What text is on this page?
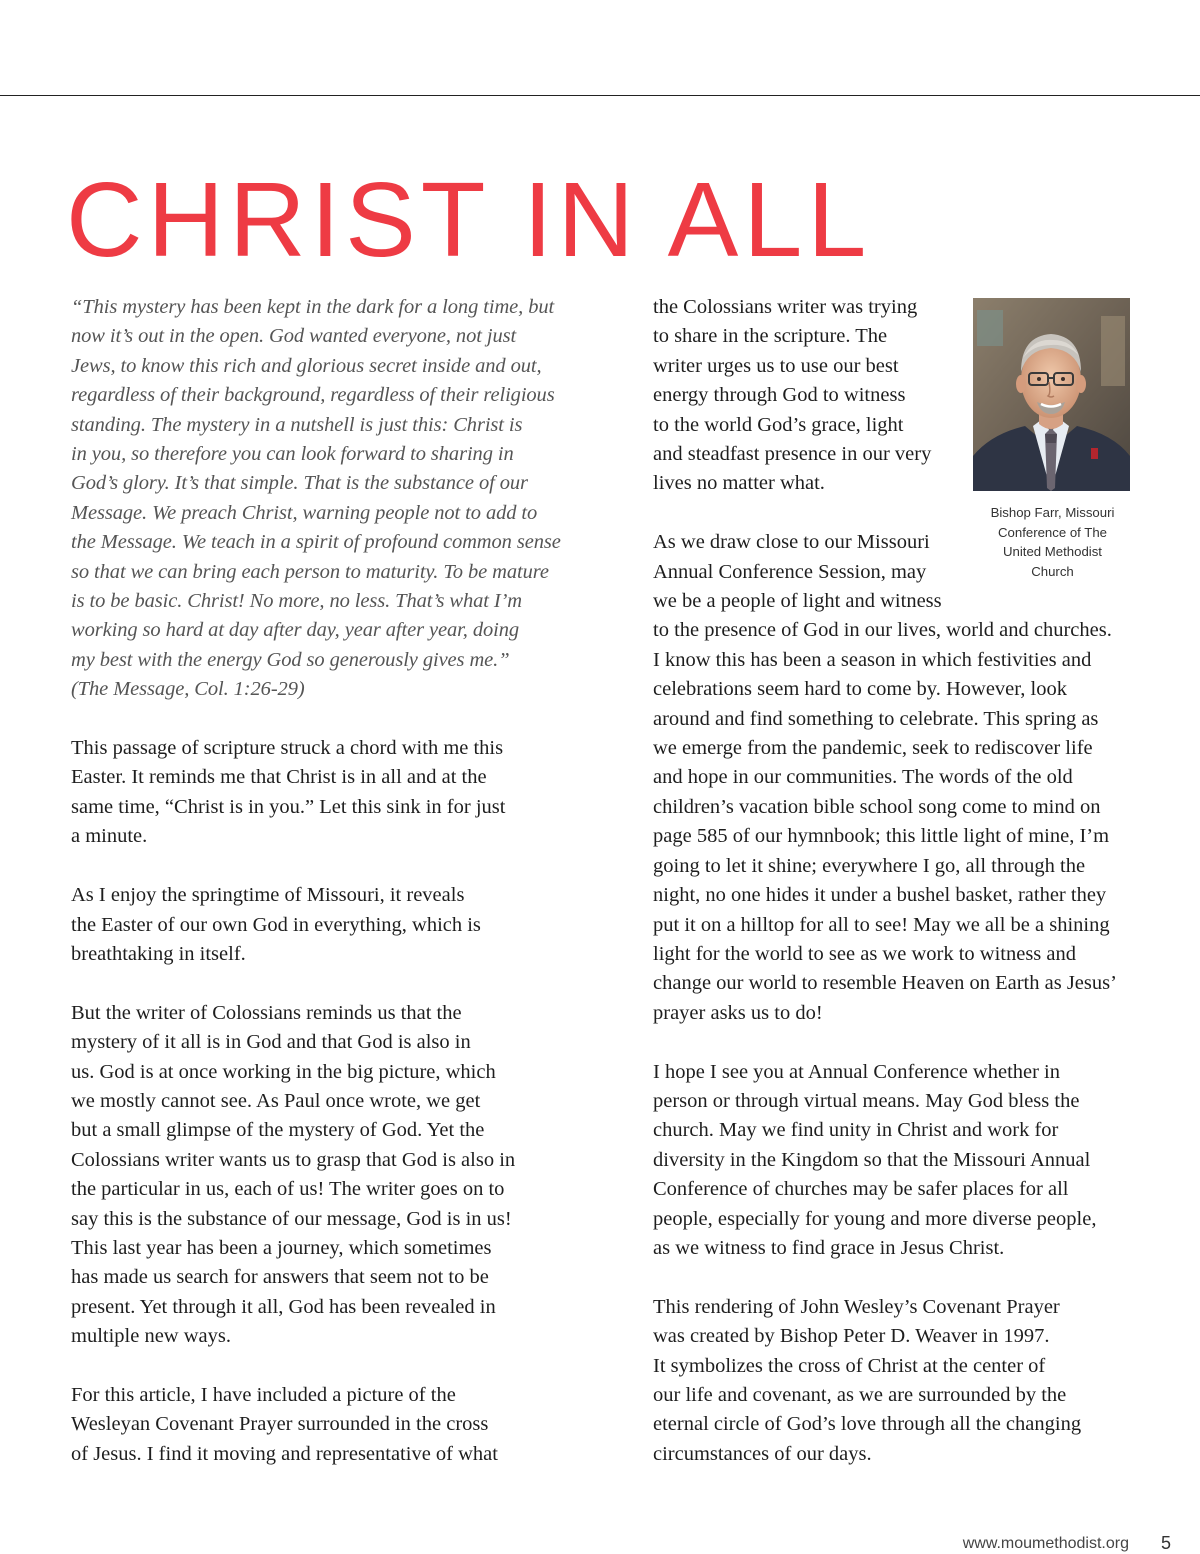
CHRIST IN ALL

“This mystery has been kept in the dark for a long time, but
now it’s out in the open. God wanted everyone, not just
Jews, to know this rich and glorious secret inside and out,
regardless of their background, regardless of their religious
standing. The mystery in a nutshell is just this: Christ is
in you, so therefore you can look forward to sharing in
God’s glory. It’s that simple. That is the substance of our
Message. We preach Christ, warning people not to add to
the Message. We teach in a spirit of profound common sense
so that we can bring each person to maturity. To be mature
is to be basic. Christ! No more, no less. That’s what I’m
working so hard at day after day, year after year, doing
my best with the energy God so generously gives me.”
(The Message, Col. 1:26-29)

This passage of scripture struck a chord with me this
Easter. It reminds me that Christ is in all and at the
same time, “Christ is in you.” Let this sink in for just
a minute.

As I enjoy the springtime of Missouri, it reveals
the Easter of our own God in everything, which is
breathtaking in itself.

But the writer of Colossians reminds us that the
mystery of it all is in God and that God is also in
us. God is at once working in the big picture, which
we mostly cannot see. As Paul once wrote, we get
but a small glimpse of the mystery of God. Yet the
Colossians writer wants us to grasp that God is also in
the particular in us, each of us! The writer goes on to
say this is the substance of our message, God is in us!
This last year has been a journey, which sometimes
has made us search for answers that seem not to be
present. Yet through it all, God has been revealed in
multiple new ways.

For this article, I have included a picture of the
Wesleyan Covenant Prayer surrounded in the cross
of Jesus. I find it moving and representative of what

the Colossians writer was trying
to share in the scripture. The
writer urges us to use our best
energy through God to witness
to the world God’s grace, light
and steadfast presence in our very
lives no matter what.

As we draw close to our Missouri
Annual Conference Session, may
we be a people of light and witness
to the presence of God in our lives, world and churches.
I know this has been a season in which festivities and
celebrations seem hard to come by. However, look
around and find something to celebrate. This spring as
we emerge from the pandemic, seek to rediscover life
and hope in our communities. The words of the old
children’s vacation bible school song come to mind on
page 585 of our hymnbook; this little light of mine, I’m
going to let it shine; everywhere I go, all through the
night, no one hides it under a bushel basket, rather they
put it on a hilltop for all to see! May we all be a shining
light for the world to see as we work to witness and
change our world to resemble Heaven on Earth as Jesus’
prayer asks us to do!

I hope I see you at Annual Conference whether in
person or through virtual means. May God bless the
church. May we find unity in Christ and work for
diversity in the Kingdom so that the Missouri Annual
Conference of churches may be safer places for all
people, especially for young and more diverse people,
as we witness to find grace in Jesus Christ.

This rendering of John Wesley’s Covenant Prayer
was created by Bishop Peter D. Weaver in 1997.
It symbolizes the cross of Christ at the center of
our life and covenant, as we are surrounded by the
eternal circle of God’s love through all the changing
circumstances of our days.

Bishop Farr, Missouri
Conference of The
United Methodist
Church
www.moumethodist.org 5
